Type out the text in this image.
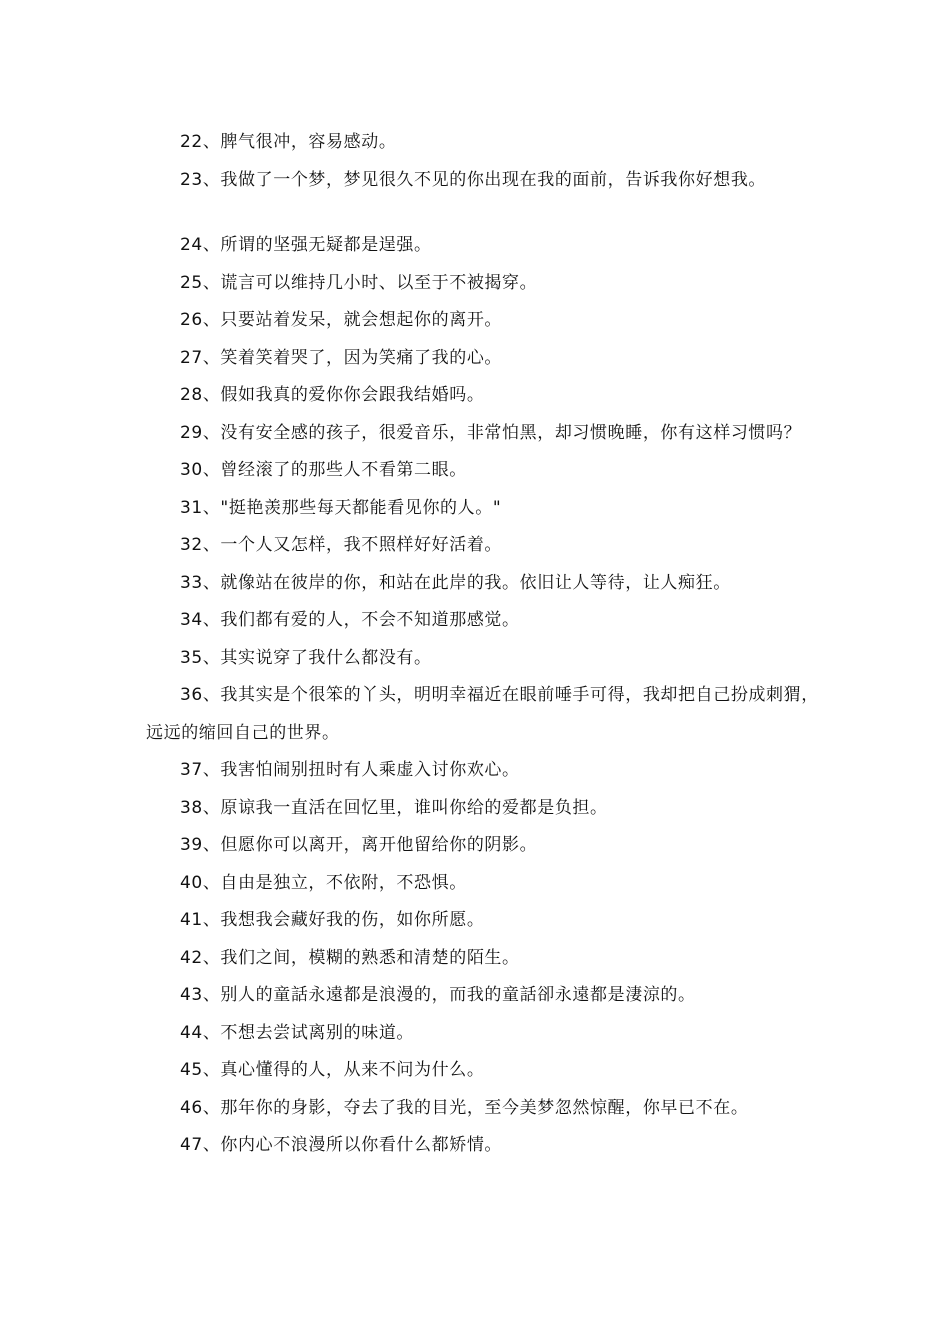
22、脾气很冲，容易感动。

23、我做了一个梦，梦见很久不见的你出现在我的面前，告诉我你好想我。

24、所谓的坚强无疑都是逞强。

25、谎言可以维持几小时、以至于不被揭穿。

26、只要站着发呆，就会想起你的离开。

27、笑着笑着哭了，因为笑痛了我的心。

28、假如我真的爱你你会跟我结婚吗。

29、没有安全感的孩子，很爱音乐，非常怕黑，却习惯晚睡，你有这样习惯吗？

30、曾经滚了的那些人不看第二眼。

31、"挺艳羡那些每天都能看见你的人。"

32、一个人又怎样，我不照样好好活着。

33、就像站在彼岸的你，和站在此岸的我。依旧让人等待，让人痴狂。

34、我们都有爱的人，不会不知道那感觉。

35、其实说穿了我什么都没有。

36、我其实是个很笨的丫头，明明幸福近在眼前唾手可得，我却把自己扮成刺猬，远远的缩回自己的世界。

37、我害怕闹别扭时有人乘虚入讨你欢心。

38、原谅我一直活在回忆里，谁叫你给的爱都是负担。

39、但愿你可以离开，离开他留给你的阴影。

40、自由是独立，不依附，不恐惧。

41、我想我会藏好我的伤，如你所愿。

42、我们之间，模糊的熟悉和清楚的陌生。

43、别人的童話永遠都是浪漫的，而我的童話卻永遠都是淒涼的。

44、不想去尝试离别的味道。

45、真心懂得的人，从来不问为什么。

46、那年你的身影，夺去了我的目光，至今美梦忽然惊醒，你早已不在。

47、你内心不浪漫所以你看什么都矫情。
